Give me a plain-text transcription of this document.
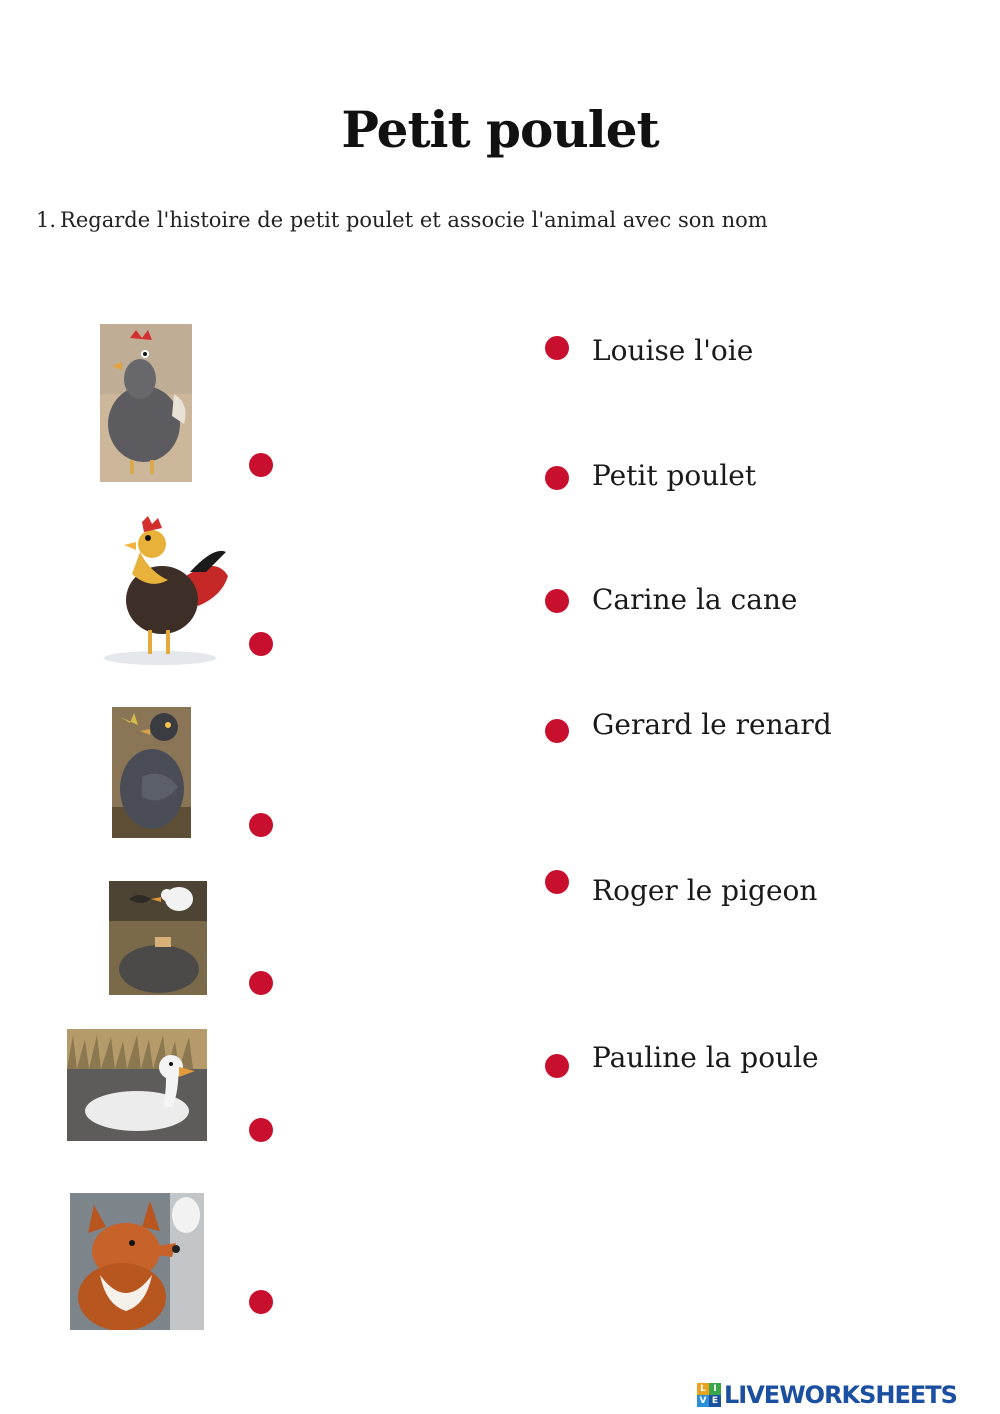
Petit poulet
1. Regarde l'histoire de petit poulet et associe l'animal avec son nom
Louise l'oie
Petit poulet
Carine la cane
Gerard le renard
Roger le pigeon
Pauline la poule
L I
V E LIVEWORKSHEETS
